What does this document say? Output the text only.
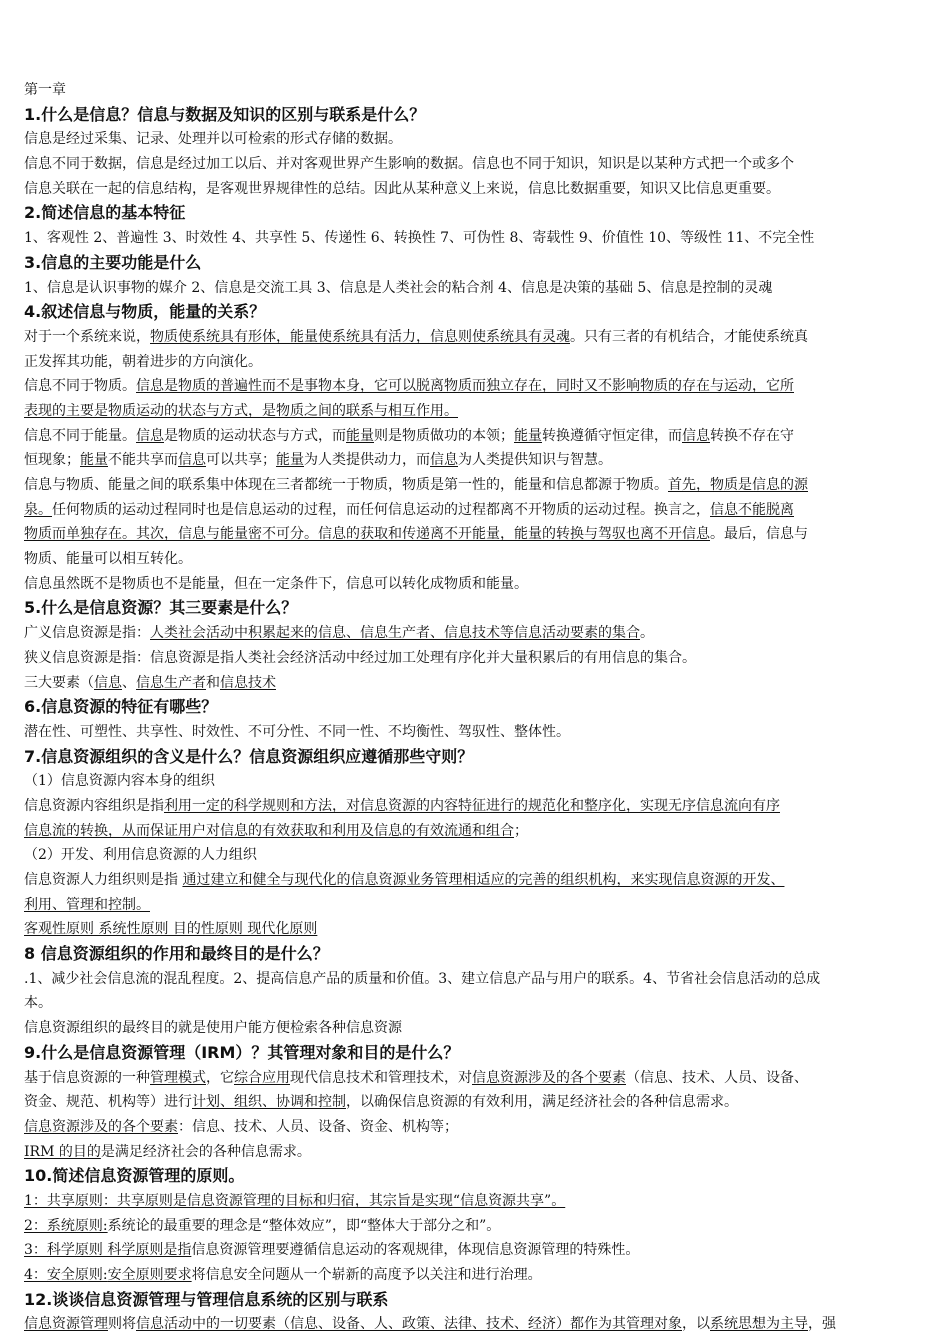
第一章
1.什么是信息？信息与数据及知识的区别与联系是什么？
信息是经过采集、记录、处理并以可检索的形式存储的数据。
信息不同于数据，信息是经过加工以后、并对客观世界产生影响的数据。信息也不同于知识，知识是以某种方式把一个或多个
信息关联在一起的信息结构，是客观世界规律性的总结。因此从某种意义上来说，信息比数据重要，知识又比信息更重要。
2.简述信息的基本特征
1、客观性 2、普遍性 3、时效性 4、共享性 5、传递性 6、转换性 7、可伪性 8、寄载性 9、价值性 10、等级性 11、不完全性
3.信息的主要功能是什么
1、信息是认识事物的媒介 2、信息是交流工具 3、信息是人类社会的粘合剂 4、信息是决策的基础 5、信息是控制的灵魂
4.叙述信息与物质，能量的关系？
对于一个系统来说，物质使系统具有形体，能量使系统具有活力，信息则使系统具有灵魂。只有三者的有机结合，才能使系统真
正发挥其功能，朝着进步的方向演化。
信息不同于物质。信息是物质的普遍性而不是事物本身，它可以脱离物质而独立存在，同时又不影响物质的存在与运动，它所
表现的主要是物质运动的状态与方式，是物质之间的联系与相互作用。
信息不同于能量。信息是物质的运动状态与方式，而能量则是物质做功的本领；能量转换遵循守恒定律，而信息转换不存在守
恒现象；能量不能共享而信息可以共享；能量为人类提供动力，而信息为人类提供知识与智慧。
信息与物质、能量之间的联系集中体现在三者都统一于物质，物质是第一性的，能量和信息都源于物质。首先，物质是信息的源
泉。任何物质的运动过程同时也是信息运动的过程，而任何信息运动的过程都离不开物质的运动过程。换言之，信息不能脱离
物质而单独存在。其次，信息与能量密不可分。信息的获取和传递离不开能量，能量的转换与驾驭也离不开信息。最后，信息与
物质、能量可以相互转化。
信息虽然既不是物质也不是能量，但在一定条件下，信息可以转化成物质和能量。
5.什么是信息资源？其三要素是什么？
广义信息资源是指：人类社会活动中积累起来的信息、信息生产者、信息技术等信息活动要素的集合。
狭义信息资源是指：信息资源是指人类社会经济活动中经过加工处理有序化并大量积累后的有用信息的集合。
三大要素（信息、信息生产者和信息技术
6.信息资源的特征有哪些？
潜在性、可塑性、共享性、时效性、不可分性、不同一性、不均衡性、驾驭性、整体性。
7.信息资源组织的含义是什么？信息资源组织应遵循那些守则？
（1）信息资源内容本身的组织
信息资源内容组织是指利用一定的科学规则和方法，对信息资源的内容特征进行的规范化和整序化，实现无序信息流向有序
信息流的转换，从而保证用户对信息的有效获取和利用及信息的有效流通和组合；
（2）开发、利用信息资源的人力组织
信息资源人力组织则是指 通过建立和健全与现代化的信息资源业务管理相适应的完善的组织机构，来实现信息资源的开发、
利用、管理和控制。
客观性原则 系统性原则 目的性原则 现代化原则
8 信息资源组织的作用和最终目的是什么？
.1、减少社会信息流的混乱程度。2、提高信息产品的质量和价值。3、建立信息产品与用户的联系。4、节省社会信息活动的总成
本。
信息资源组织的最终目的就是使用户能方便检索各种信息资源
9.什么是信息资源管理（IRM）？其管理对象和目的是什么？
基于信息资源的一种管理模式，它综合应用现代信息技术和管理技术，对信息资源涉及的各个要素（信息、技术、人员、设备、
资金、规范、机构等）进行计划、组织、协调和控制，以确保信息资源的有效利用，满足经济社会的各种信息需求。
信息资源涉及的各个要素：信息、技术、人员、设备、资金、机构等；
IRM 的目的是满足经济社会的各种信息需求。
10.简述信息资源管理的原则。
1：共享原则：共享原则是信息资源管理的目标和归宿，其宗旨是实现“信息资源共享”。
2：系统原则:系统论的最重要的理念是“整体效应”，即“整体大于部分之和”。
3：科学原则 科学原则是指信息资源管理要遵循信息运动的客观规律，体现信息资源管理的特殊性。
4：安全原则:安全原则要求将信息安全问题从一个崭新的高度予以关注和进行治理。
12.谈谈信息资源管理与管理信息系统的区别与联系
信息资源管理则将信息活动中的一切要素（信息、设备、人、政策、法律、技术、经济）都作为其管理对象，以系统思想为主导，强
